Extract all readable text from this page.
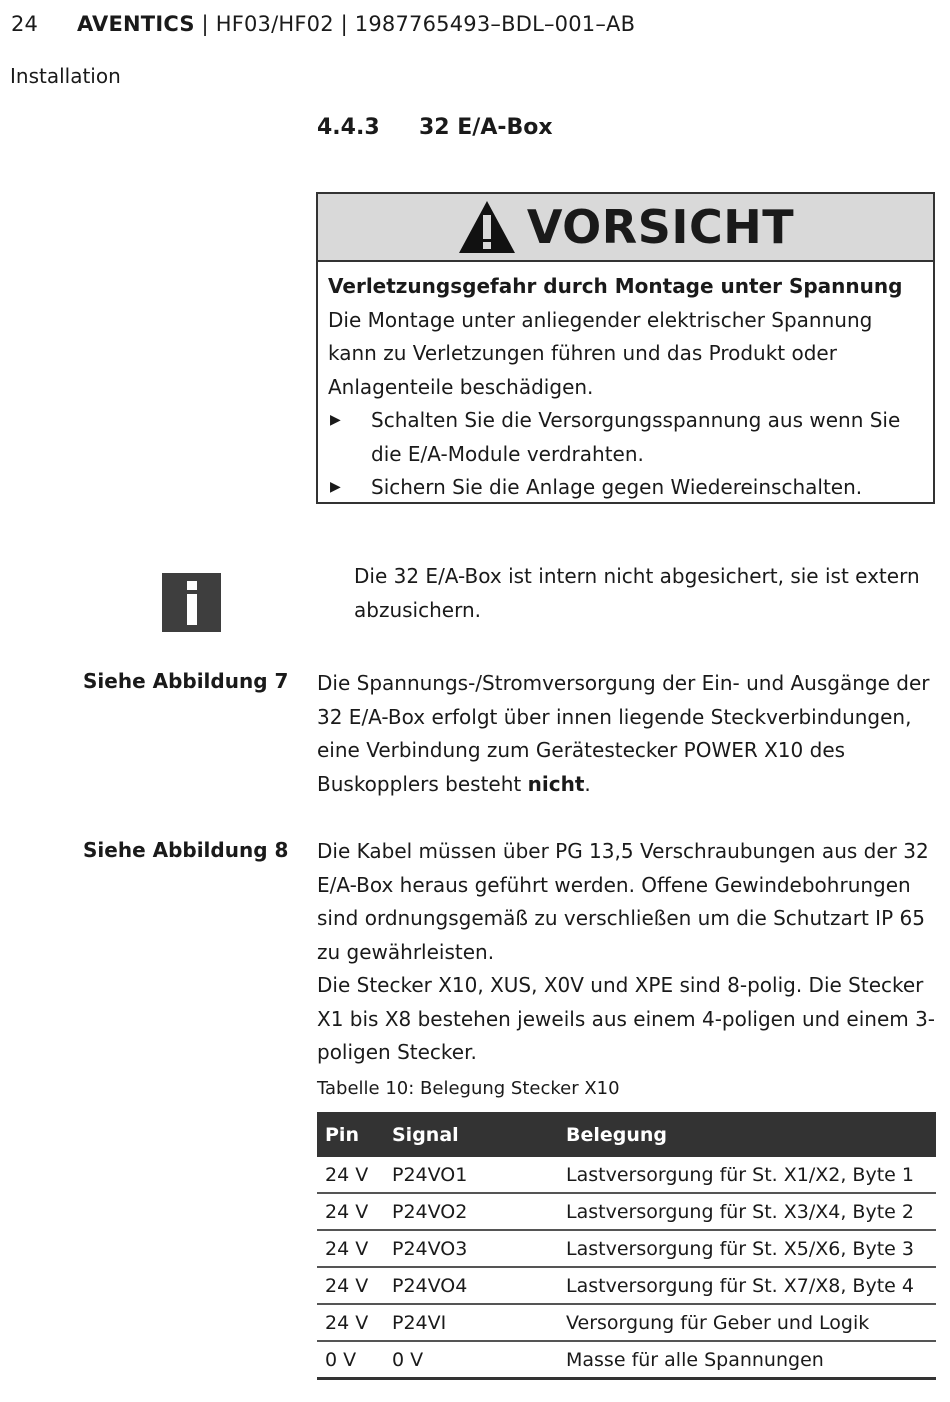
24 AVENTICS | HF03/HF02 | 1987765493–BDL–001–AB
Installation
4.4.3 32 E/A-Box
VORSICHT
Verletzungsgefahr durch Montage unter Spannung
Die Montage unter anliegender elektrischer Spannung kann zu Verletzungen führen und das Produkt oder Anlagenteile beschädigen.
▶	Schalten Sie die Versorgungsspannung aus wenn Sie die E/A-Module verdrahten.
▶	Sichern Sie die Anlage gegen Wiedereinschalten.
Die 32 E/A-Box ist intern nicht abgesichert, sie ist extern abzusichern.
Siehe Abbildung 7 Die Spannungs-/Stromversorgung der Ein- und Ausgänge der 32 E/A-Box erfolgt über innen liegende Steckverbindungen, eine Verbindung zum Gerätestecker POWER X10 des Buskopplers besteht nicht.
Siehe Abbildung 8 Die Kabel müssen über PG 13,5 Verschraubungen aus der 32 E/A-Box heraus geführt werden. Offene Gewindebohrungen sind ordnungsgemäß zu verschließen um die Schutzart IP 65 zu gewährleisten.
Die Stecker X10, XUS, X0V und XPE sind 8-polig. Die Stecker X1 bis X8 bestehen jeweils aus einem 4-poligen und einem 3-poligen Stecker.
Tabelle 10: Belegung Stecker X10
Pin	Signal	Belegung
24 V	P24VO1	Lastversorgung für St. X1/X2, Byte 1
24 V	P24VO2	Lastversorgung für St. X3/X4, Byte 2
24 V	P24VO3	Lastversorgung für St. X5/X6, Byte 3
24 V	P24VO4	Lastversorgung für St. X7/X8, Byte 4
24 V	P24VI	Versorgung für Geber und Logik
0 V	0 V	Masse für alle Spannungen
